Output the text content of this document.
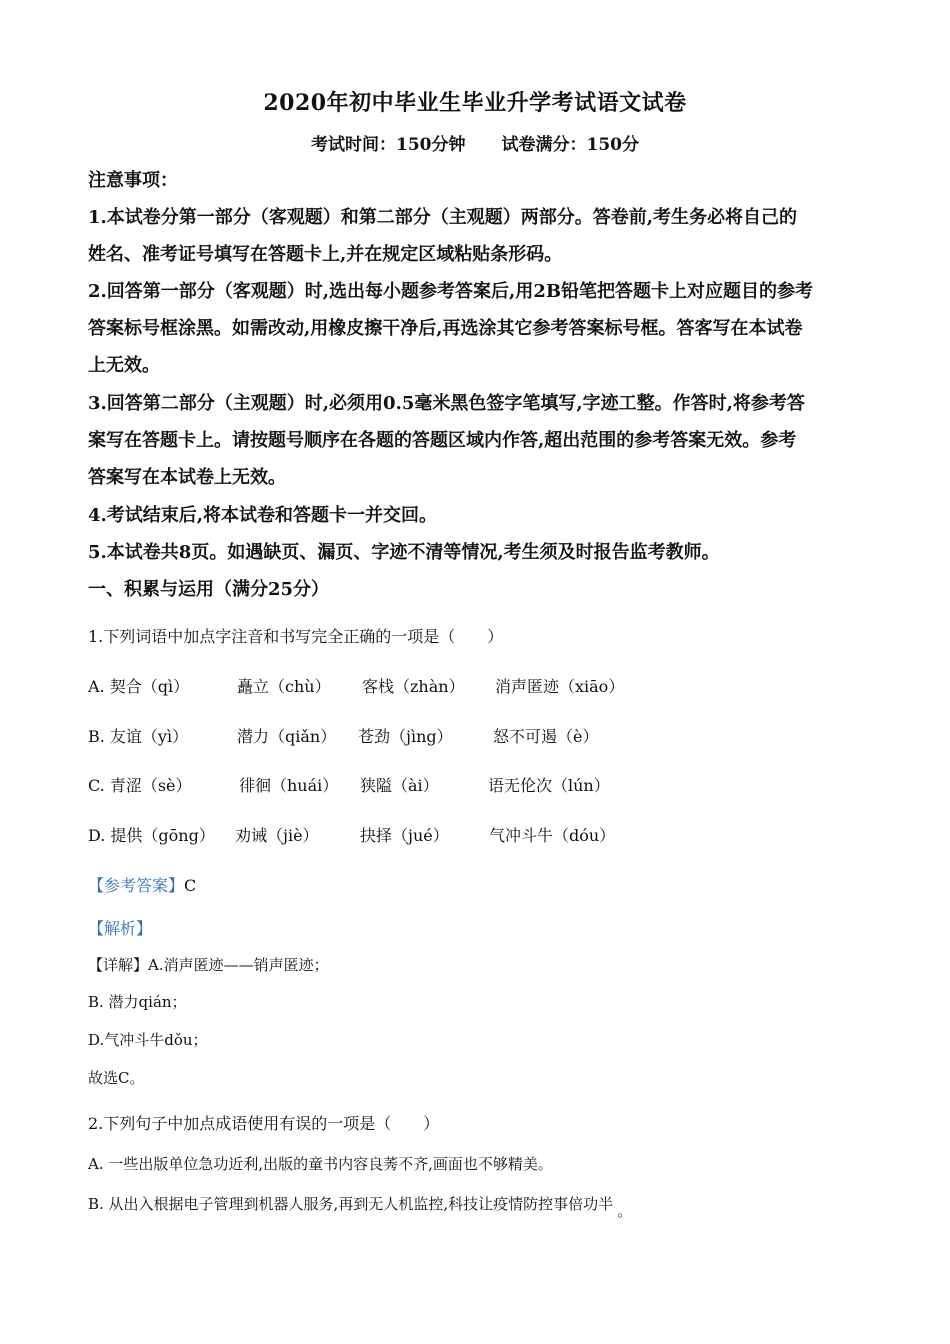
2020年初中毕业生毕业升学考试语文试卷
考试时间：150分钟 试卷满分：150分
注意事项：
1.本试卷分第一部分（客观题）和第二部分（主观题）两部分。答卷前,考生务必将自己的
姓名、准考证号填写在答题卡上,并在规定区域粘贴条形码。
2.回答第一部分（客观题）时,选出每小题参考答案后,用2B铅笔把答题卡上对应题目的参考
答案标号框涂黑。如需改动,用橡皮擦干净后,再选涂其它参考答案标号框。答客写在本试卷
上无效。
3.回答第二部分（主观题）时,必须用0.5毫米黑色签字笔填写,字迹工整。作答时,将参考答
案写在答题卡上。请按题号顺序在各题的答题区域内作答,超出范围的参考答案无效。参考
答案写在本试卷上无效。
4.考试结束后,将本试卷和答题卡一并交回。
5.本试卷共8页。如遇缺页、漏页、字迹不清等情况,考生须及时报告监考教师。
一、积累与运用（满分25分）
1.下列词语中加点字注音和书写完全正确的一项是（　　）
A. 契合（qì）	矗立（chù） 客栈（zhàn） 消声匿迹（xiāo）
B. 友谊（yì）	潜力（qiǎn） 苍劲（jìng）	怒不可遏（è）
C. 青涩（sè）	徘徊（huái） 狭隘（ài）	语无伦次（lún）
D. 提供（gōng） 劝诫（jiè）	抉择（jué）	气冲斗牛（dóu）
【参考答案】C
【解析】
【详解】A.消声匿迹——销声匿迹；
B. 潜力qián；
D.气冲斗牛dǒu；
故选C。
2.下列句子中加点成语使用有误的一项是（　　）
A. 一些出版单位急功近利,出版的童书内容良莠不齐,画面也不够精美。
B. 从出入根据电子管理到机器人服务,再到无人机监控,科技让疫情防控事倍功半 。
